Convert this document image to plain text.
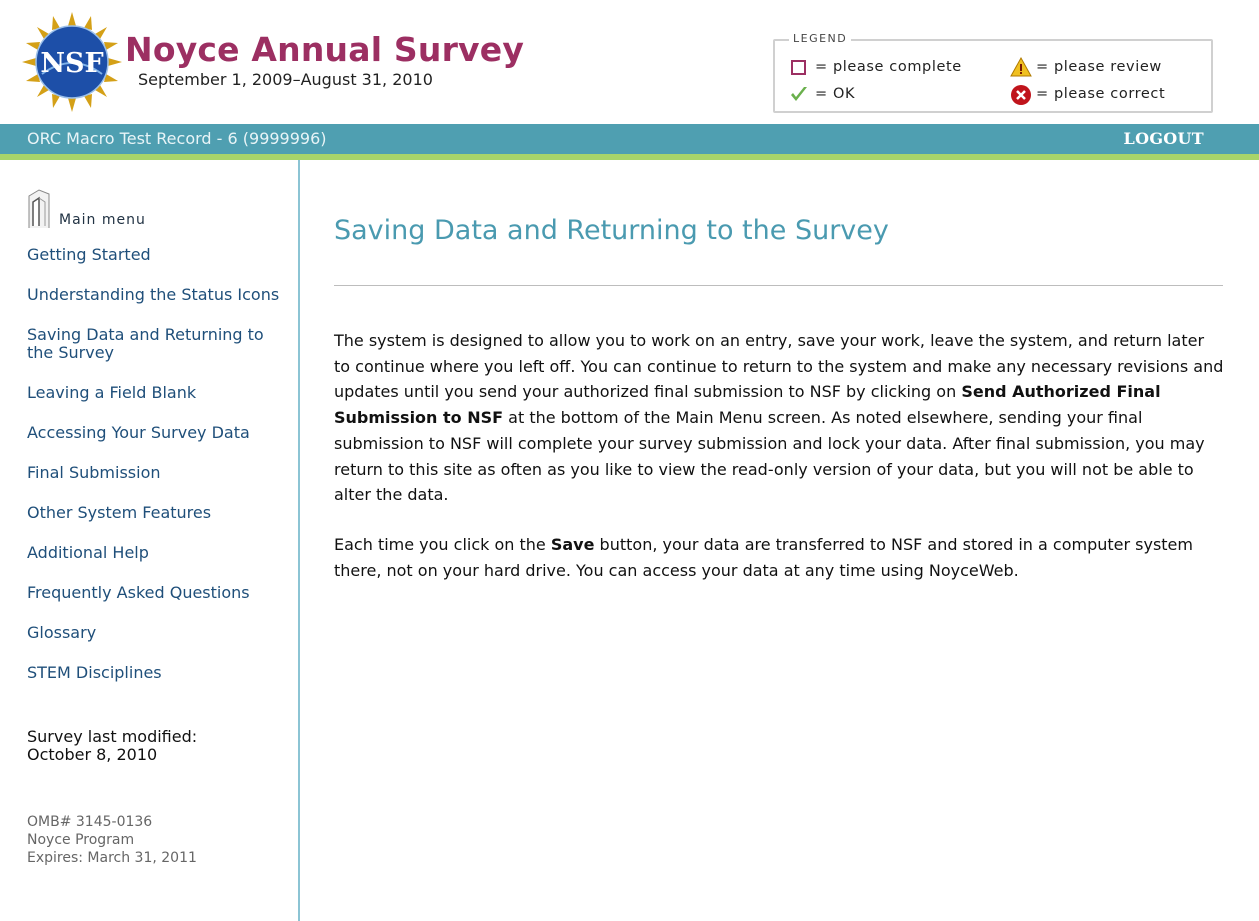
NSF Noyce Annual Survey
September 1, 2009–August 31, 2010
LEGEND
= please complete	= please review
= OK	= please correct
ORC Macro Test Record - 6 (9999996)	LOGOUT
Main menu
Getting Started
Understanding the Status Icons
Saving Data and Returning to the Survey
Leaving a Field Blank
Accessing Your Survey Data
Final Submission
Other System Features
Additional Help
Frequently Asked Questions
Glossary
STEM Disciplines
Survey last modified:
October 8, 2010
OMB# 3145-0136
Noyce Program
Expires: March 31, 2011
Saving Data and Returning to the Survey

The system is designed to allow you to work on an entry, save your work, leave the system, and return later to continue where you left off. You can continue to return to the system and make any necessary revisions and updates until you send your authorized final submission to NSF by clicking on Send Authorized Final Submission to NSF at the bottom of the Main Menu screen. As noted elsewhere, sending your final submission to NSF will complete your survey submission and lock your data. After final submission, you may return to this site as often as you like to view the read-only version of your data, but you will not be able to alter the data.

Each time you click on the Save button, your data are transferred to NSF and stored in a computer system there, not on your hard drive. You can access your data at any time using NoyceWeb.
